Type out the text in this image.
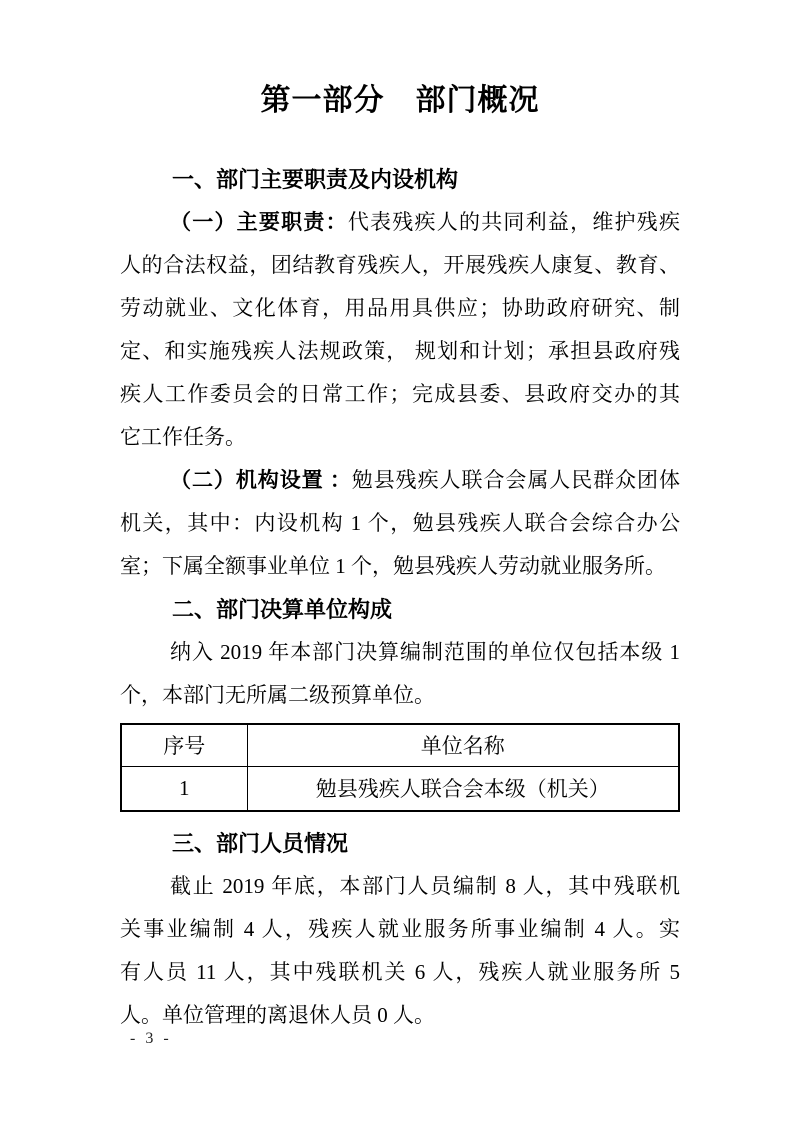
第一部分　部门概况
一、部门主要职责及内设机构
（一）主要职责：代表残疾人的共同利益，维护残疾
人的合法权益，团结教育残疾人，开展残疾人康复、教育、
劳动就业、文化体育，用品用具供应；协助政府研究、制
定、和实施残疾人法规政策， 规划和计划；承担县政府残
疾人工作委员会的日常工作；完成县委、县政府交办的其
它工作任务。
（二）机构设置 ：勉县残疾人联合会属人民群众团体
机关，其中：内设机构 1 个，勉县残疾人联合会综合办公
室；下属全额事业单位 1 个，勉县残疾人劳动就业服务所。
二、部门决算单位构成
纳入 2019 年本部门决算编制范围的单位仅包括本级 1
个，本部门无所属二级预算单位。
序号	单位名称
1	勉县残疾人联合会本级（机关）
三、部门人员情况
截止 2019 年底，本部门人员编制 8 人，其中残联机
关事业编制 4 人，残疾人就业服务所事业编制 4 人。实
有人员 11 人，其中残联机关 6 人，残疾人就业服务所 5
人。单位管理的离退休人员 0 人。
- 3 -
